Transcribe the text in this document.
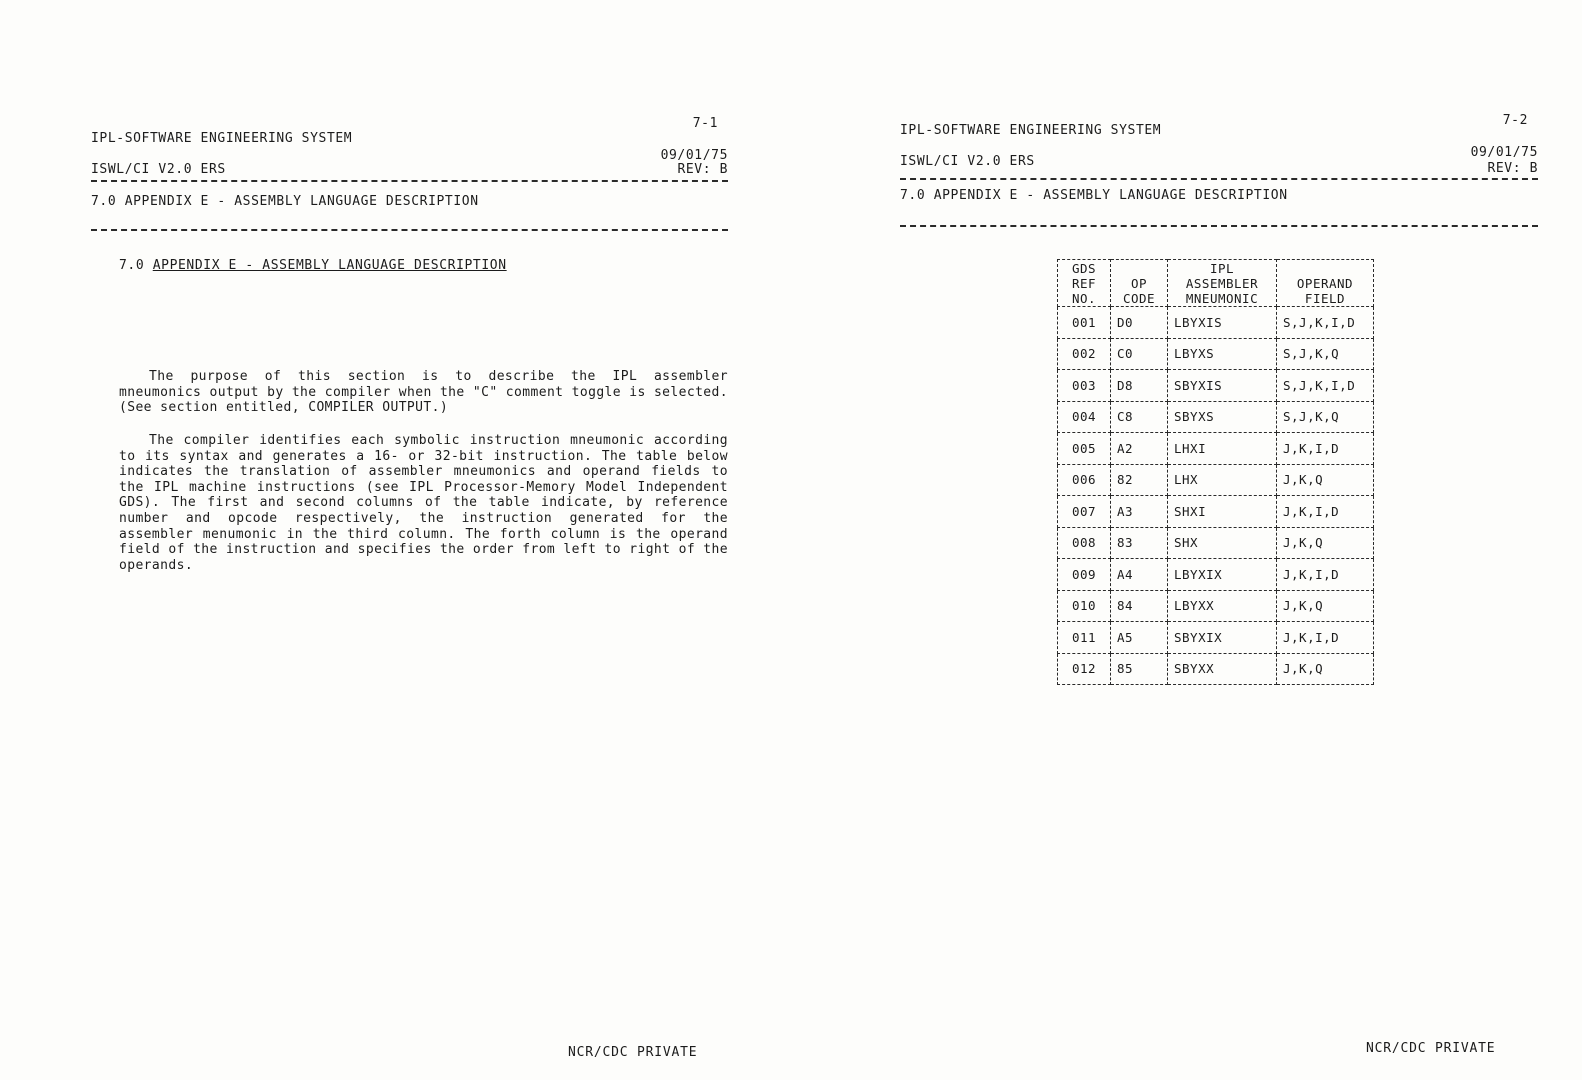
7-1
IPL-SOFTWARE ENGINEERING SYSTEM
09/01/75
ISWL/CI V2.0 ERS	REV: B
7.0 APPENDIX E - ASSEMBLY LANGUAGE DESCRIPTION
7.0 APPENDIX E - ASSEMBLY LANGUAGE DESCRIPTION
The purpose of this section is to describe the IPL assembler mneumonics output by the compiler when the "C" comment toggle is selected. (See section entitled, COMPILER OUTPUT.)
The compiler identifies each symbolic instruction mneumonic according to its syntax and generates a 16- or 32-bit instruction. The table below indicates the translation of assembler mneumonics and operand fields to the IPL machine instructions (see IPL Processor-Memory Model Independent GDS). The first and second columns of the table indicate, by reference number and opcode respectively, the instruction generated for the assembler menumonic in the third column. The forth column is the operand field of the instruction and specifies the order from left to right of the operands.
NCR/CDC PRIVATE
7-2
IPL-SOFTWARE ENGINEERING SYSTEM
09/01/75
ISWL/CI V2.0 ERS	REV: B
7.0 APPENDIX E - ASSEMBLY LANGUAGE DESCRIPTION
GDS
REF
NO.	OP
CODE	IPL
ASSEMBLER
MNEUMONIC	OPERAND
FIELD
001	D0	LBYXIS	S,J,K,I,D
002	C0	LBYXS	S,J,K,Q
003	D8	SBYXIS	S,J,K,I,D
004	C8	SBYXS	S,J,K,Q
005	A2	LHXI	J,K,I,D
006	82	LHX	J,K,Q
007	A3	SHXI	J,K,I,D
008	83	SHX	J,K,Q
009	A4	LBYXIX	J,K,I,D
010	84	LBYXX	J,K,Q
011	A5	SBYXIX	J,K,I,D
012	85	SBYXX	J,K,Q
NCR/CDC PRIVATE
